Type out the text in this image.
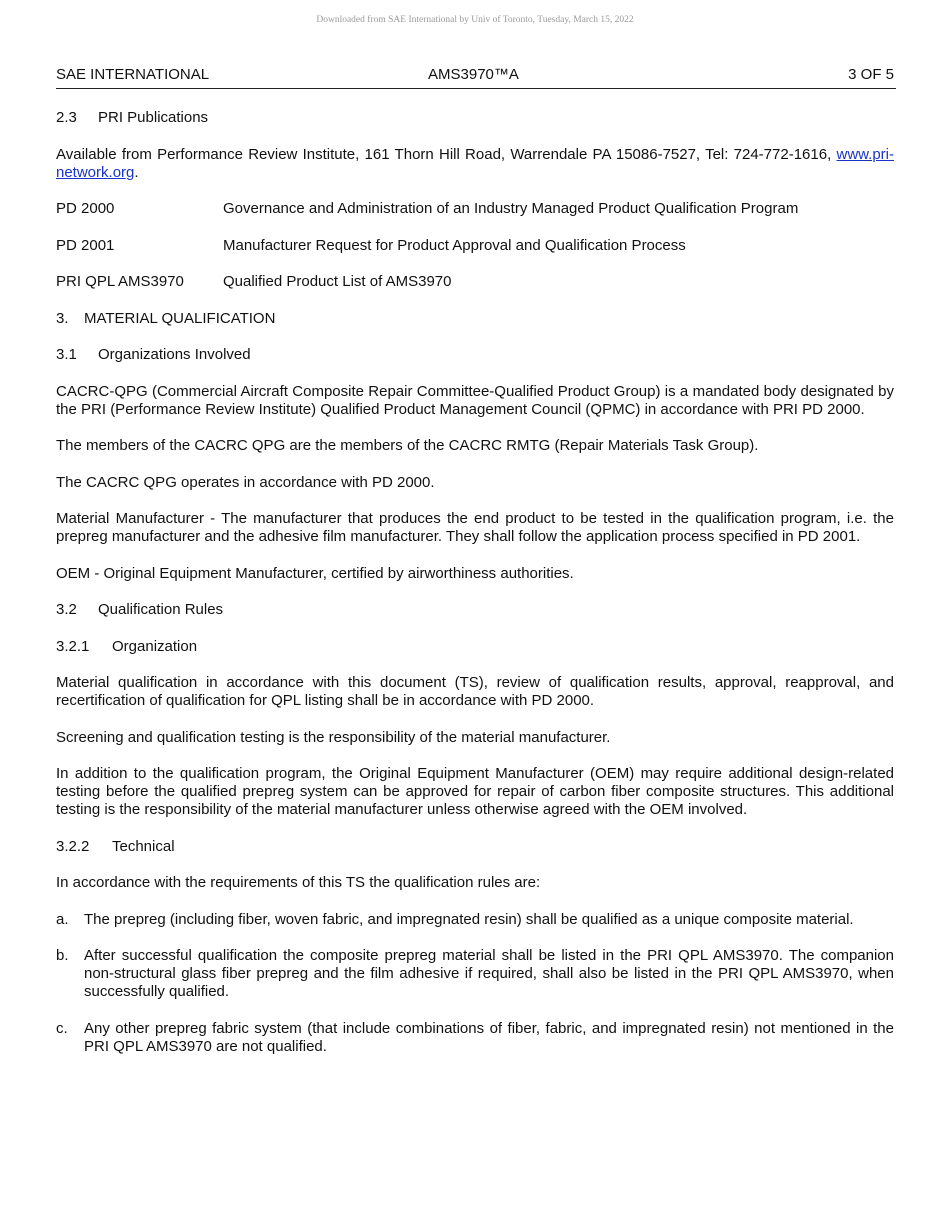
Downloaded from SAE International by Univ of Toronto, Tuesday, March 15, 2022
SAE INTERNATIONAL	AMS3970™A	3 OF 5
2.3 PRI Publications
Available from Performance Review Institute, 161 Thorn Hill Road, Warrendale PA 15086-7527, Tel: 724-772-1616, www.pri-network.org.
PD 2000	Governance and Administration of an Industry Managed Product Qualification Program
PD 2001	Manufacturer Request for Product Approval and Qualification Process
PRI QPL AMS3970	Qualified Product List of AMS3970
3. MATERIAL QUALIFICATION
3.1 Organizations Involved
CACRC-QPG (Commercial Aircraft Composite Repair Committee-Qualified Product Group) is a mandated body designated by the PRI (Performance Review Institute) Qualified Product Management Council (QPMC) in accordance with PRI PD 2000.
The members of the CACRC QPG are the members of the CACRC RMTG (Repair Materials Task Group).
The CACRC QPG operates in accordance with PD 2000.
Material Manufacturer - The manufacturer that produces the end product to be tested in the qualification program, i.e. the prepreg manufacturer and the adhesive film manufacturer. They shall follow the application process specified in PD 2001.
OEM - Original Equipment Manufacturer, certified by airworthiness authorities.
3.2 Qualification Rules
3.2.1 Organization
Material qualification in accordance with this document (TS), review of qualification results, approval, reapproval, and recertification of qualification for QPL listing shall be in accordance with PD 2000.
Screening and qualification testing is the responsibility of the material manufacturer.
In addition to the qualification program, the Original Equipment Manufacturer (OEM) may require additional design-related testing before the qualified prepreg system can be approved for repair of carbon fiber composite structures. This additional testing is the responsibility of the material manufacturer unless otherwise agreed with the OEM involved.
3.2.2 Technical
In accordance with the requirements of this TS the qualification rules are:
a.	The prepreg (including fiber, woven fabric, and impregnated resin) shall be qualified as a unique composite material.
b.	After successful qualification the composite prepreg material shall be listed in the PRI QPL AMS3970. The companion non-structural glass fiber prepreg and the film adhesive if required, shall also be listed in the PRI QPL AMS3970, when successfully qualified.
c.	Any other prepreg fabric system (that include combinations of fiber, fabric, and impregnated resin) not mentioned in the PRI QPL AMS3970 are not qualified.
